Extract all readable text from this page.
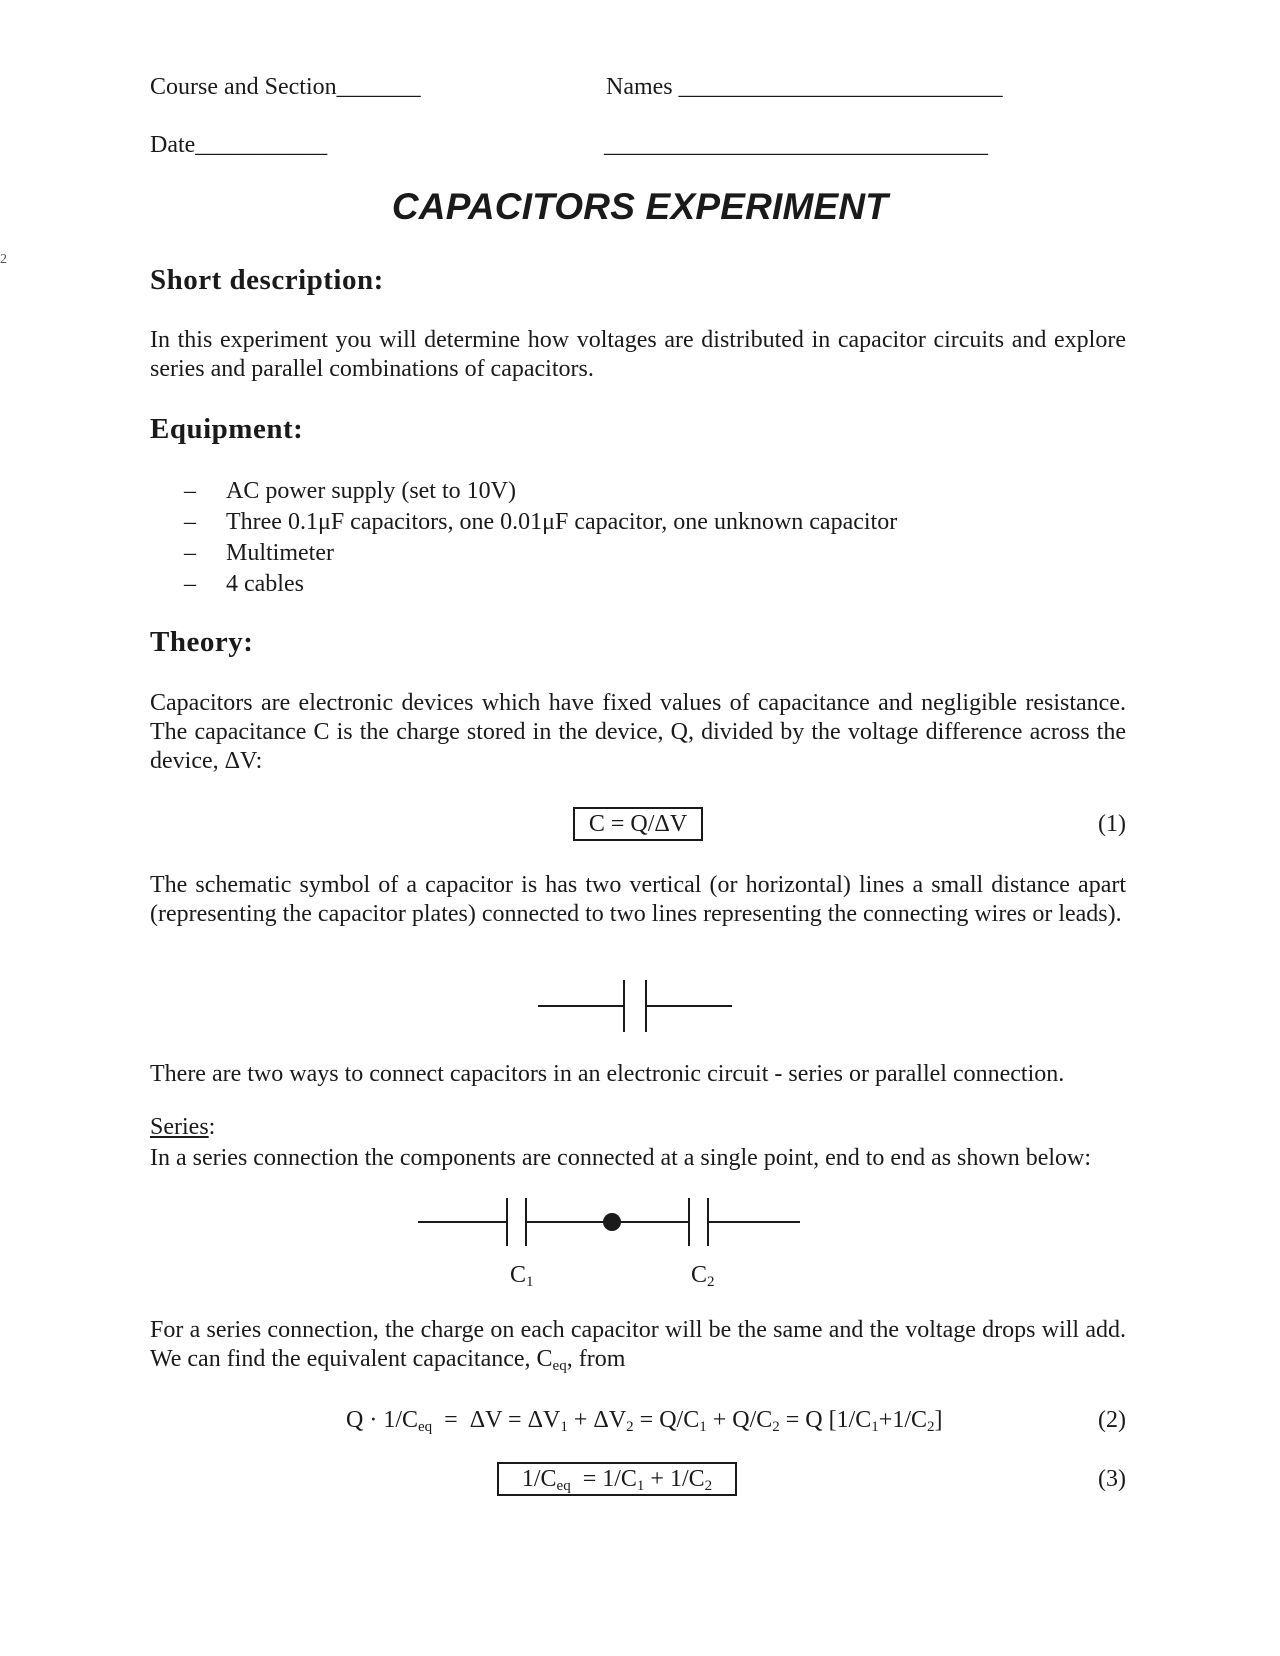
Course and Section_______	Names ___________________________
Date___________	________________________________
2
CAPACITORS EXPERIMENT
Short description:
In this experiment you will determine how voltages are distributed in capacitor circuits and explore series and parallel combinations of capacitors.
Equipment:
– AC power supply (set to 10V)
– Three 0.1μF capacitors, one 0.01μF capacitor, one unknown capacitor
– Multimeter
– 4 cables
Theory:
Capacitors are electronic devices which have fixed values of capacitance and negligible resistance. The capacitance C is the charge stored in the device, Q, divided by the voltage difference across the device, ΔV:
C = Q/ΔV	(1)
The schematic symbol of a capacitor is has two vertical (or horizontal) lines a small distance apart (representing the capacitor plates) connected to two lines representing the connecting wires or leads).
There are two ways to connect capacitors in an electronic circuit - series or parallel connection.
Series:
In a series connection the components are connected at a single point, end to end as shown below:
$C_1$	$C_2$
For a series connection, the charge on each capacitor will be the same and the voltage drops will add. We can find the equivalent capacitance, $C_{eq}$, from
$Q \cdot 1/C_{eq} = \Delta V = \Delta V_1 + \Delta V_2 = Q/C_1 + Q/C_2 = Q$ $[1/C_1+1/C_2]$	(2)
$1/C_{eq} = 1/C_1 + 1/C_2$	(3)
